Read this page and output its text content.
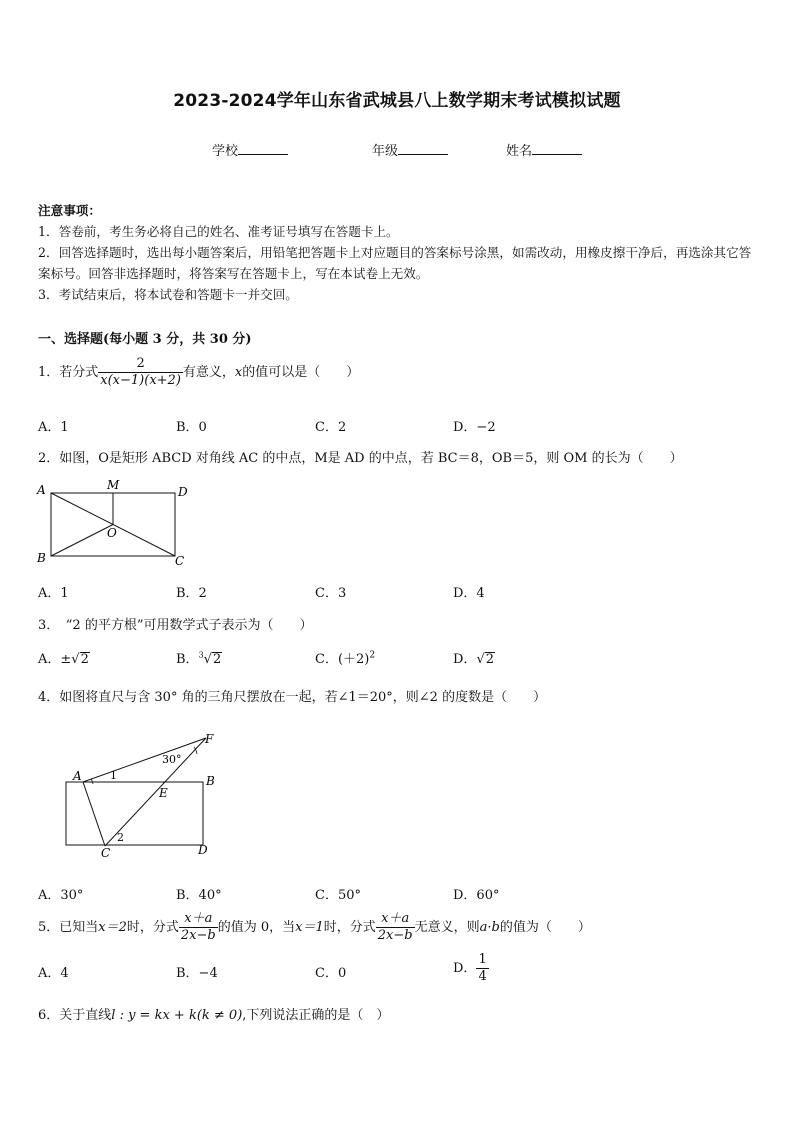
2023-2024学年山东省武城县八上数学期末考试模拟试题
学校	年级	姓名
注意事项：
1．答卷前，考生务必将自己的姓名、准考证号填写在答题卡上。
2．回答选择题时，选出每小题答案后，用铅笔把答题卡上对应题目的答案标号涂黑，如需改动，用橡皮擦干净后，再选涂其它答案标号。回答非选择题时，将答案写在答题卡上，写在本试卷上无效。
3．考试结束后，将本试卷和答题卡一并交回。
一、选择题(每小题 3 分，共 30 分)
1．若分式 $\frac{2}{x(x-1)(x+2)}$ 有意义，x的值可以是（　　）
A．1	B．0	C．2	D．−2
2．如图，O是矩形 ABCD 对角线 AC 的中点，M是 AD 的中点，若 BC＝8，OB＝5，则 OM 的长为（　　）
A	M	D
O
B	C
A．1	B．2	C．3	D．4
3．　“2 的平方根”可用数学式子表示为（　　）
A．±√2	B．$^3$√2	C．$(+2)^2$	D．√2
4．如图将直尺与含 30° 角的三角尺摆放在一起，若∠1＝20°，则∠2 的度数是（　　）
F
30°
A	1	B
E
2
C	D
A．30°	B．40°	C．50°	D．60°
5．已知当x＝2时，分式 $\frac{x+a}{2x-b}$ 的值为 0，当x＝1时，分式 $\frac{x+a}{2x-b}$ 无意义，则a·b的值为（　　）
A．4	B．−4	C．0	D． $\frac{1}{4}$
6．关于直线l : y = kx + k(k ≠ 0),下列说法正确的是（　）
